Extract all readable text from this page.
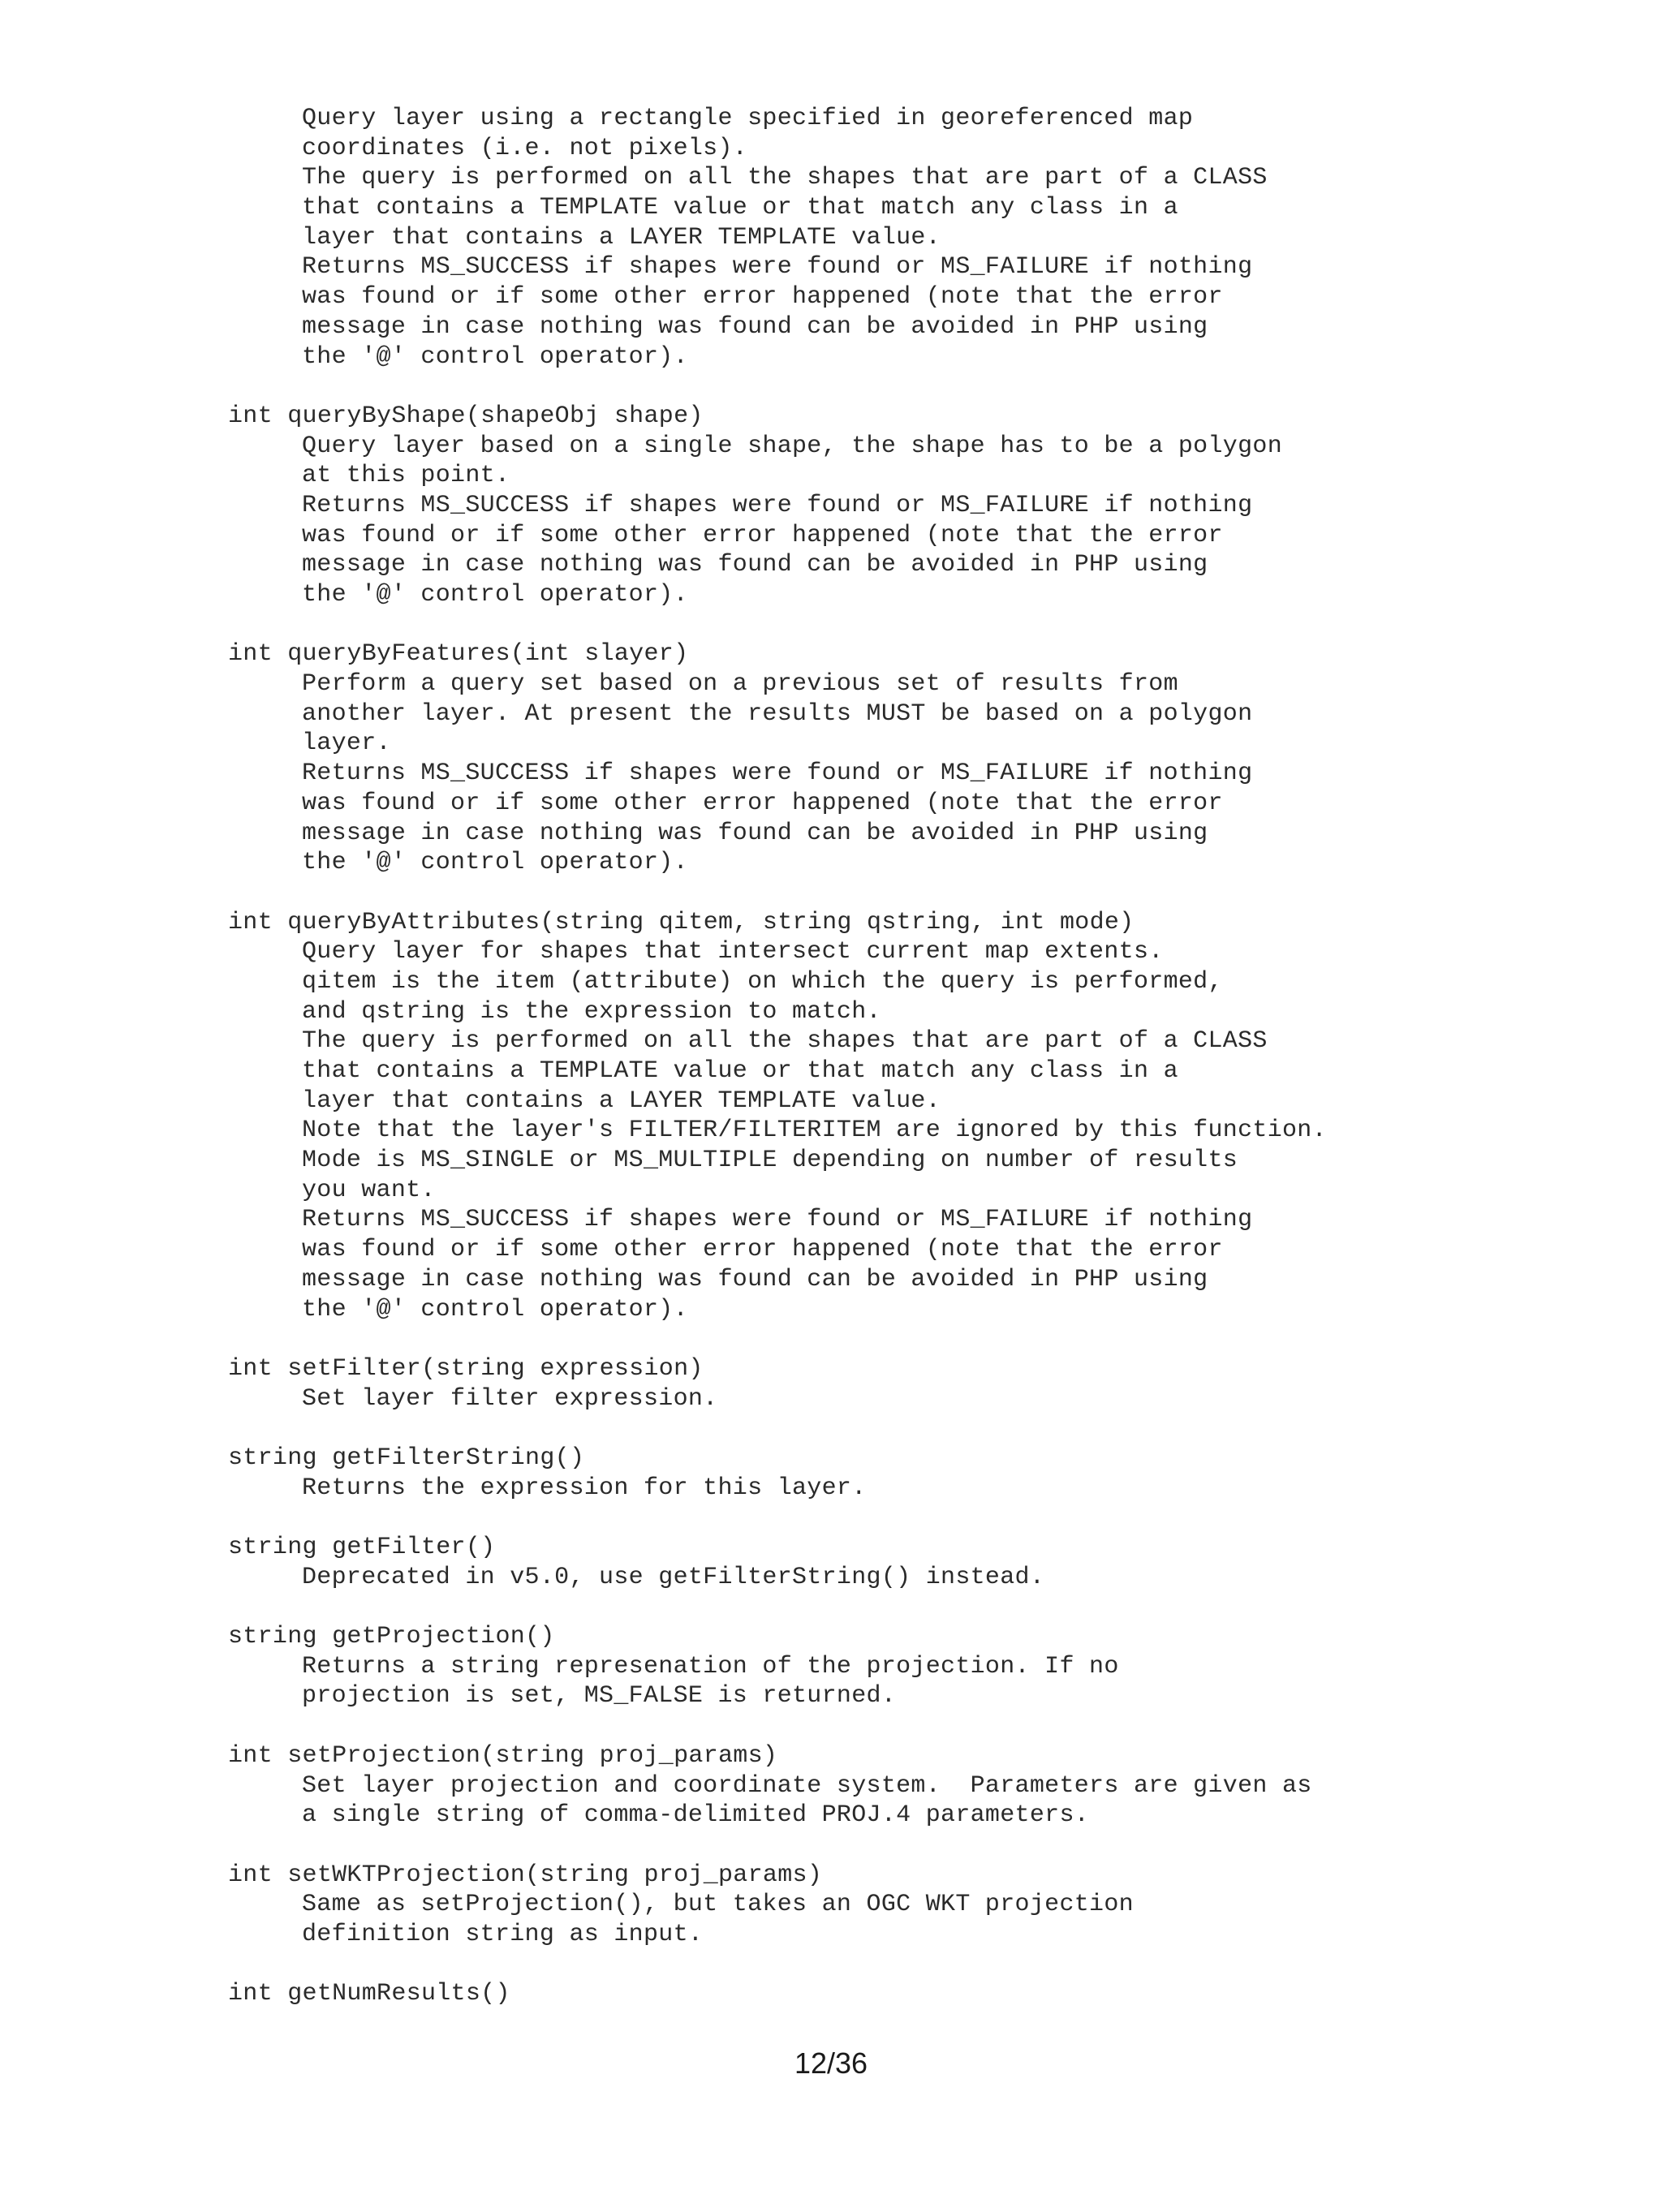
Query layer using a rectangle specified in georeferenced map
coordinates (i.e. not pixels).
The query is performed on all the shapes that are part of a CLASS
that contains a TEMPLATE value or that match any class in a
layer that contains a LAYER TEMPLATE value.
Returns MS_SUCCESS if shapes were found or MS_FAILURE if nothing
was found or if some other error happened (note that the error
message in case nothing was found can be avoided in PHP using
the '@' control operator).
int queryByShape(shapeObj shape)
Query layer based on a single shape, the shape has to be a polygon
at this point.
Returns MS_SUCCESS if shapes were found or MS_FAILURE if nothing
was found or if some other error happened (note that the error
message in case nothing was found can be avoided in PHP using
the '@' control operator).
int queryByFeatures(int slayer)
Perform a query set based on a previous set of results from
another layer. At present the results MUST be based on a polygon
layer.
Returns MS_SUCCESS if shapes were found or MS_FAILURE if nothing
was found or if some other error happened (note that the error
message in case nothing was found can be avoided in PHP using
the '@' control operator).
int queryByAttributes(string qitem, string qstring, int mode)
Query layer for shapes that intersect current map extents.
qitem is the item (attribute) on which the query is performed,
and qstring is the expression to match.
The query is performed on all the shapes that are part of a CLASS
that contains a TEMPLATE value or that match any class in a
layer that contains a LAYER TEMPLATE value.
Note that the layer's FILTER/FILTERITEM are ignored by this function.
Mode is MS_SINGLE or MS_MULTIPLE depending on number of results
you want.
Returns MS_SUCCESS if shapes were found or MS_FAILURE if nothing
was found or if some other error happened (note that the error
message in case nothing was found can be avoided in PHP using
the '@' control operator).
int setFilter(string expression)
Set layer filter expression.
string getFilterString()
Returns the expression for this layer.
string getFilter()
Deprecated in v5.0, use getFilterString() instead.
string getProjection()
Returns a string represenation of the projection. If no
projection is set, MS_FALSE is returned.
int setProjection(string proj_params)
Set layer projection and coordinate system.  Parameters are given as
a single string of comma-delimited PROJ.4 parameters.
int setWKTProjection(string proj_params)
Same as setProjection(), but takes an OGC WKT projection
definition string as input.
int getNumResults()
12/36
